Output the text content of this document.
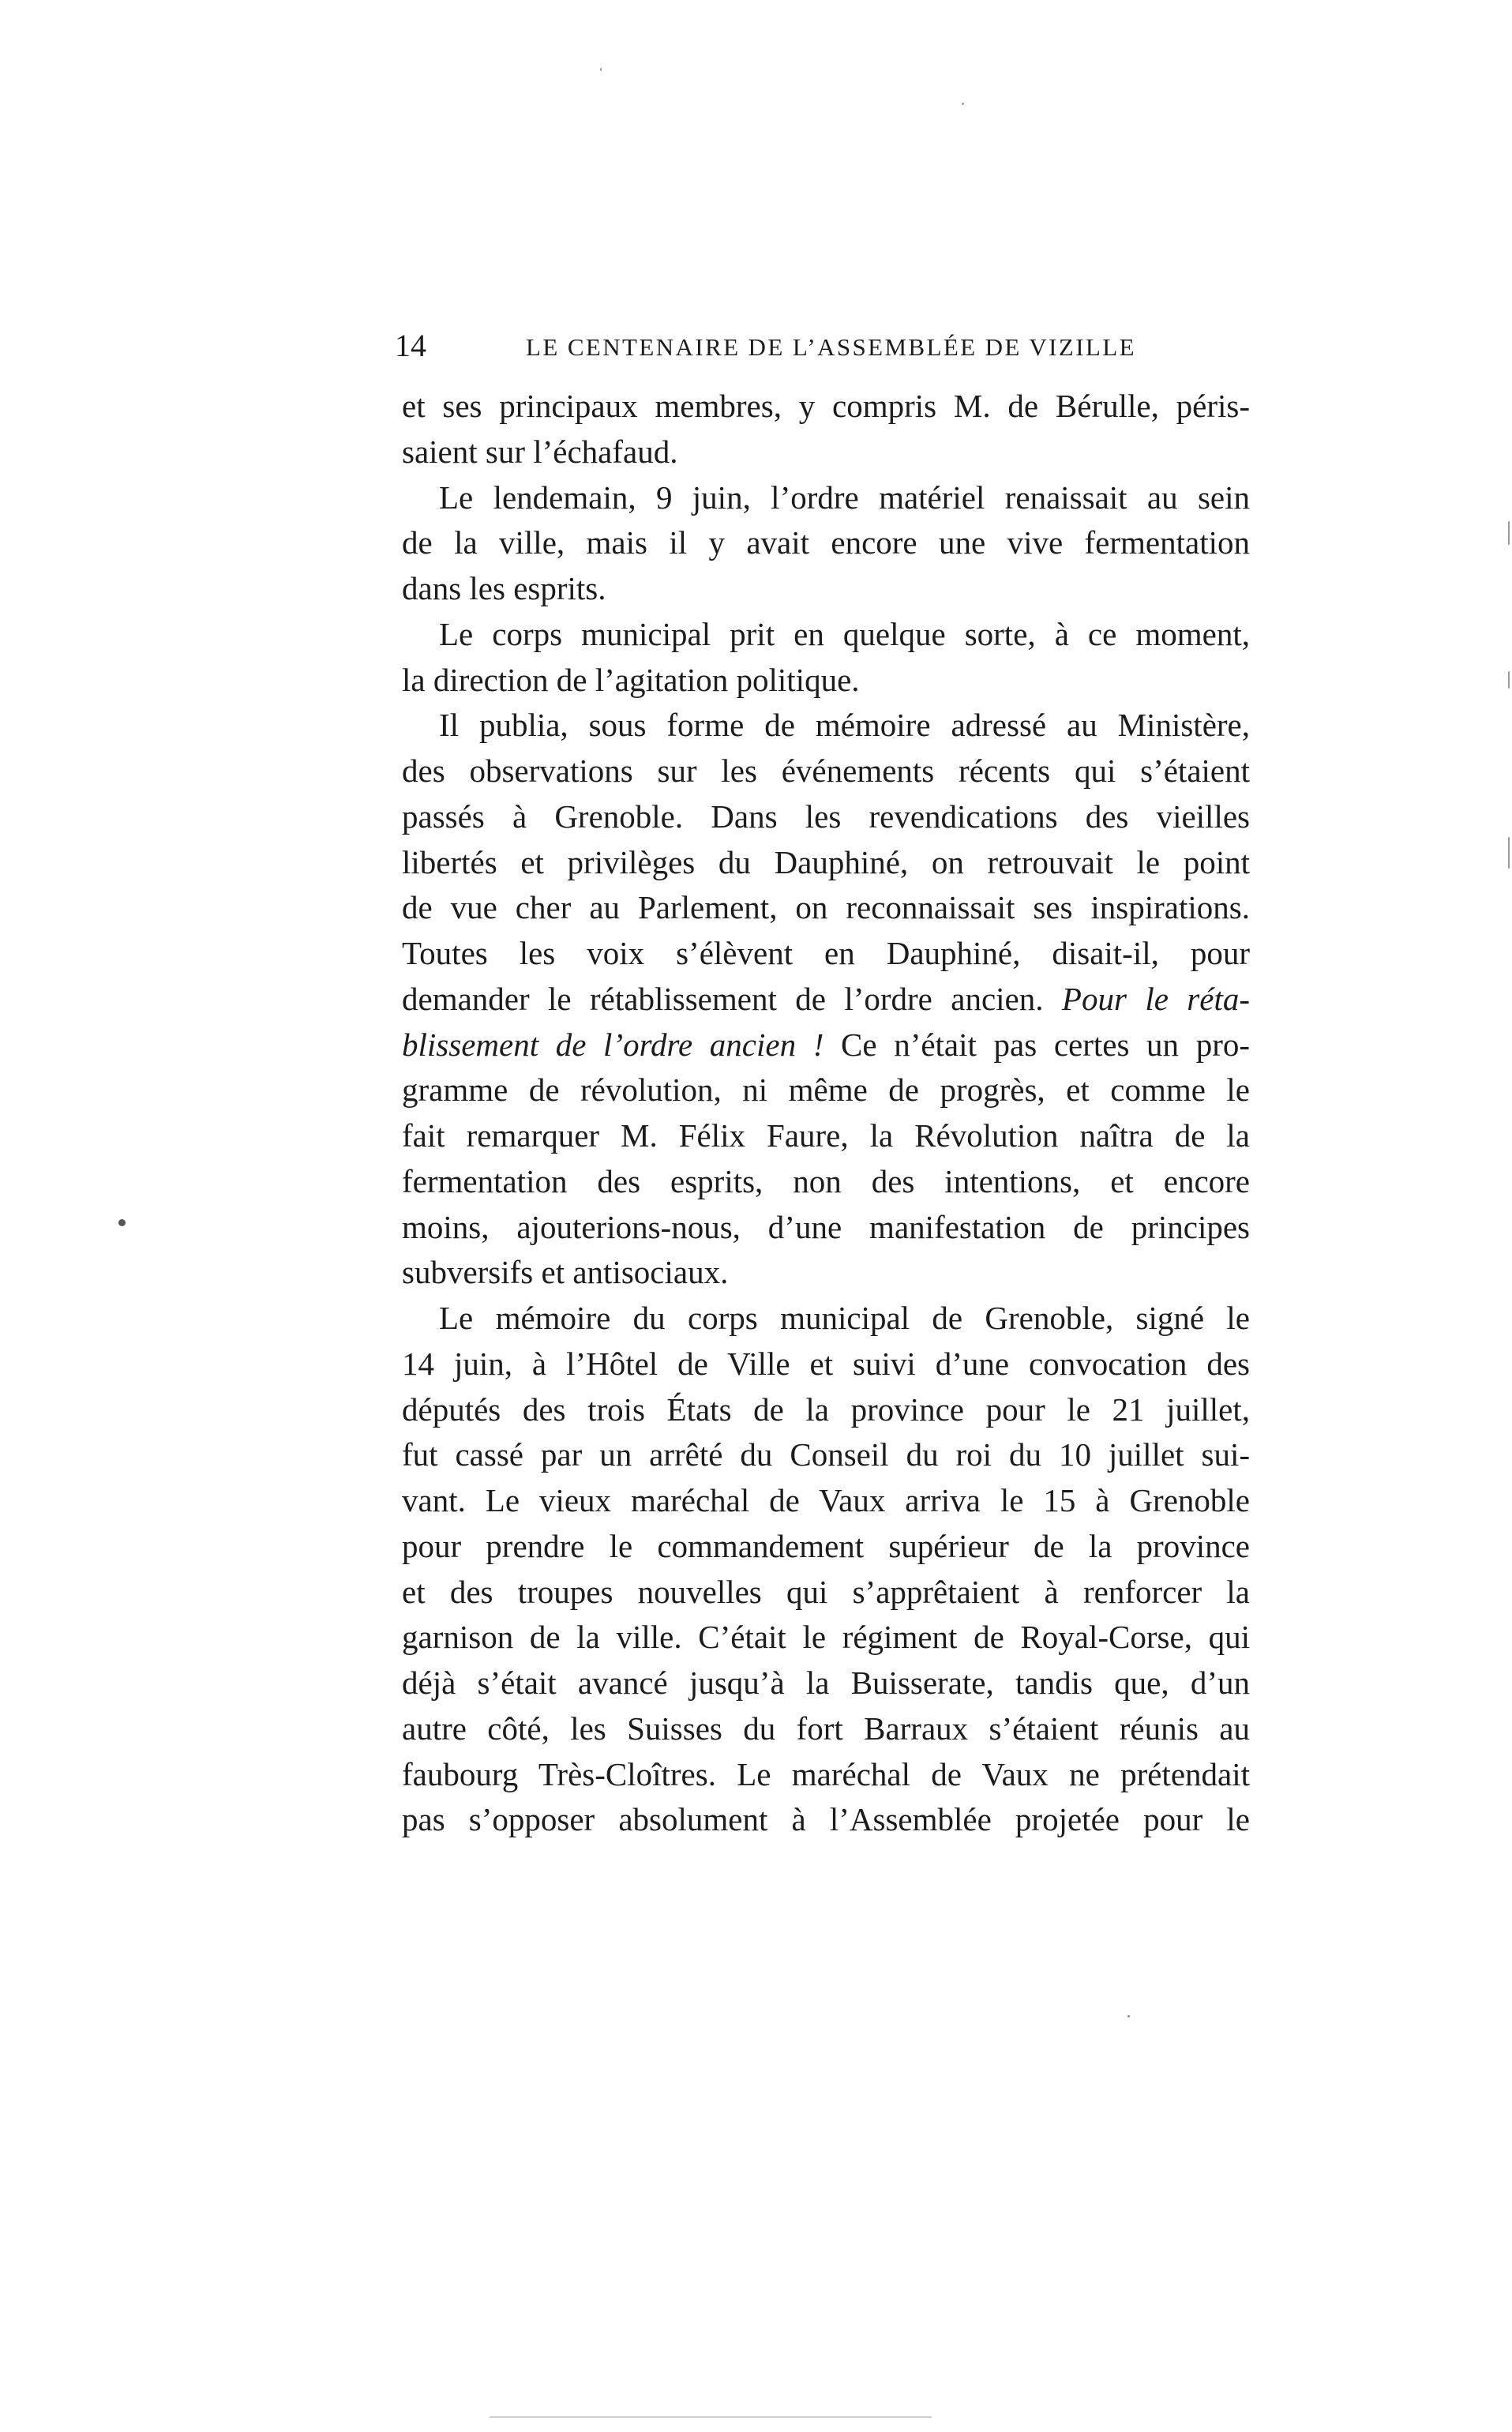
14	LE CENTENAIRE DE L’ASSEMBLÉE DE VIZILLE
et ses principaux membres, y compris M. de Bérulle, péris-
saient sur l’échafaud.
Le lendemain, 9 juin, l’ordre matériel renaissait au sein
de la ville, mais il y avait encore une vive fermentation
dans les esprits.
Le corps municipal prit en quelque sorte, à ce moment,
la direction de l’agitation politique.
Il publia, sous forme de mémoire adressé au Ministère,
des observations sur les événements récents qui s’étaient
passés à Grenoble. Dans les revendications des vieilles
libertés et privilèges du Dauphiné, on retrouvait le point
de vue cher au Parlement, on reconnaissait ses inspirations.
Toutes les voix s’élèvent en Dauphiné, disait-il, pour
demander le rétablissement de l’ordre ancien. Pour le réta-
blissement de l’ordre ancien ! Ce n’était pas certes un pro-
gramme de révolution, ni même de progrès, et comme le
fait remarquer M. Félix Faure, la Révolution naîtra de la
fermentation des esprits, non des intentions, et encore
moins, ajouterions-nous, d’une manifestation de principes
subversifs et antisociaux.
Le mémoire du corps municipal de Grenoble, signé le
14 juin, à l’Hôtel de Ville et suivi d’une convocation des
députés des trois États de la province pour le 21 juillet,
fut cassé par un arrêté du Conseil du roi du 10 juillet sui-
vant. Le vieux maréchal de Vaux arriva le 15 à Grenoble
pour prendre le commandement supérieur de la province
et des troupes nouvelles qui s’apprêtaient à renforcer la
garnison de la ville. C’était le régiment de Royal-Corse, qui
déjà s’était avancé jusqu’à la Buisserate, tandis que, d’un
autre côté, les Suisses du fort Barraux s’étaient réunis au
faubourg Très-Cloîtres. Le maréchal de Vaux ne prétendait
pas s’opposer absolument à l’Assemblée projetée pour le
